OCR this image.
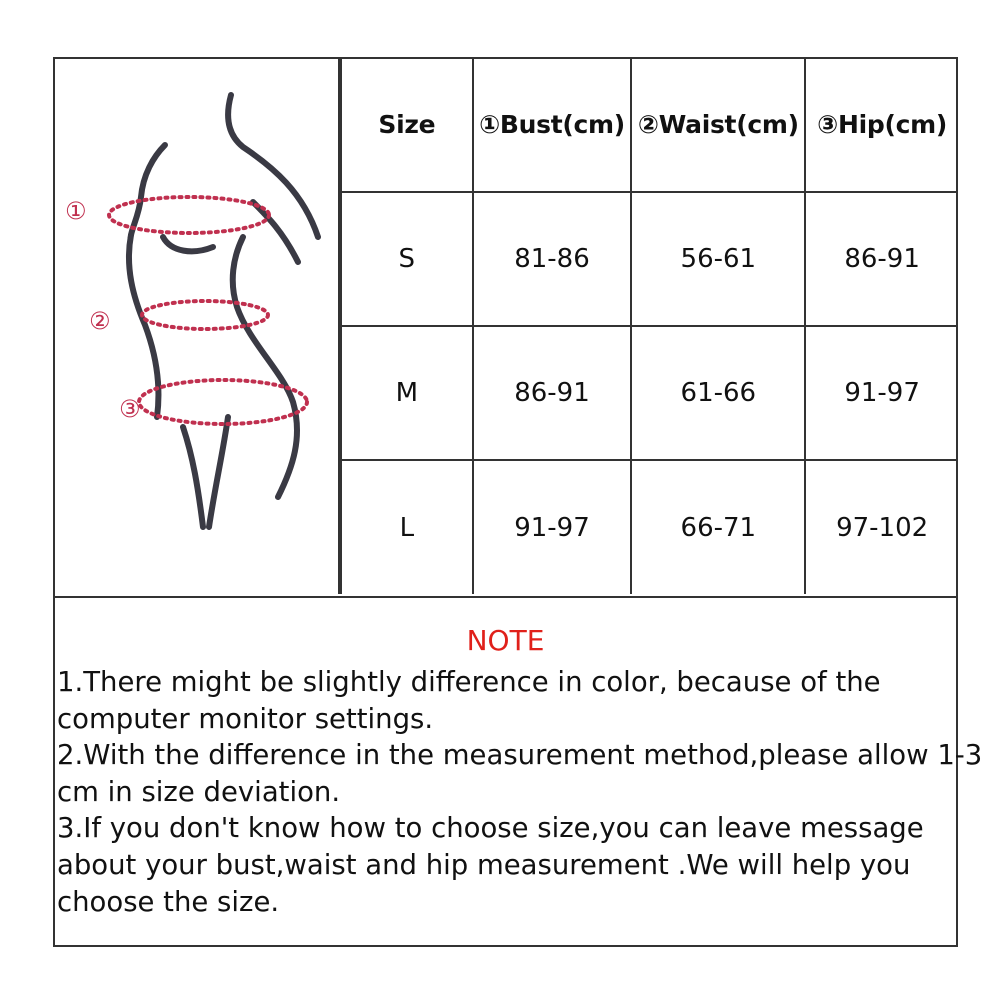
①
②
③
Size	①Bust(cm)	②Waist(cm)	③Hip(cm)
S	81-86	56-61	86-91
M	86-91	61-66	91-97
L	91-97	66-71	97-102
NOTE
1.There might be slightly difference in color, because of the
computer monitor settings.
2.With the difference in the measurement method,please allow 1-3
cm in size deviation.
3.If you don't know how to choose size,you can leave message
about your bust,waist and hip measurement .We will help you
choose the size.
